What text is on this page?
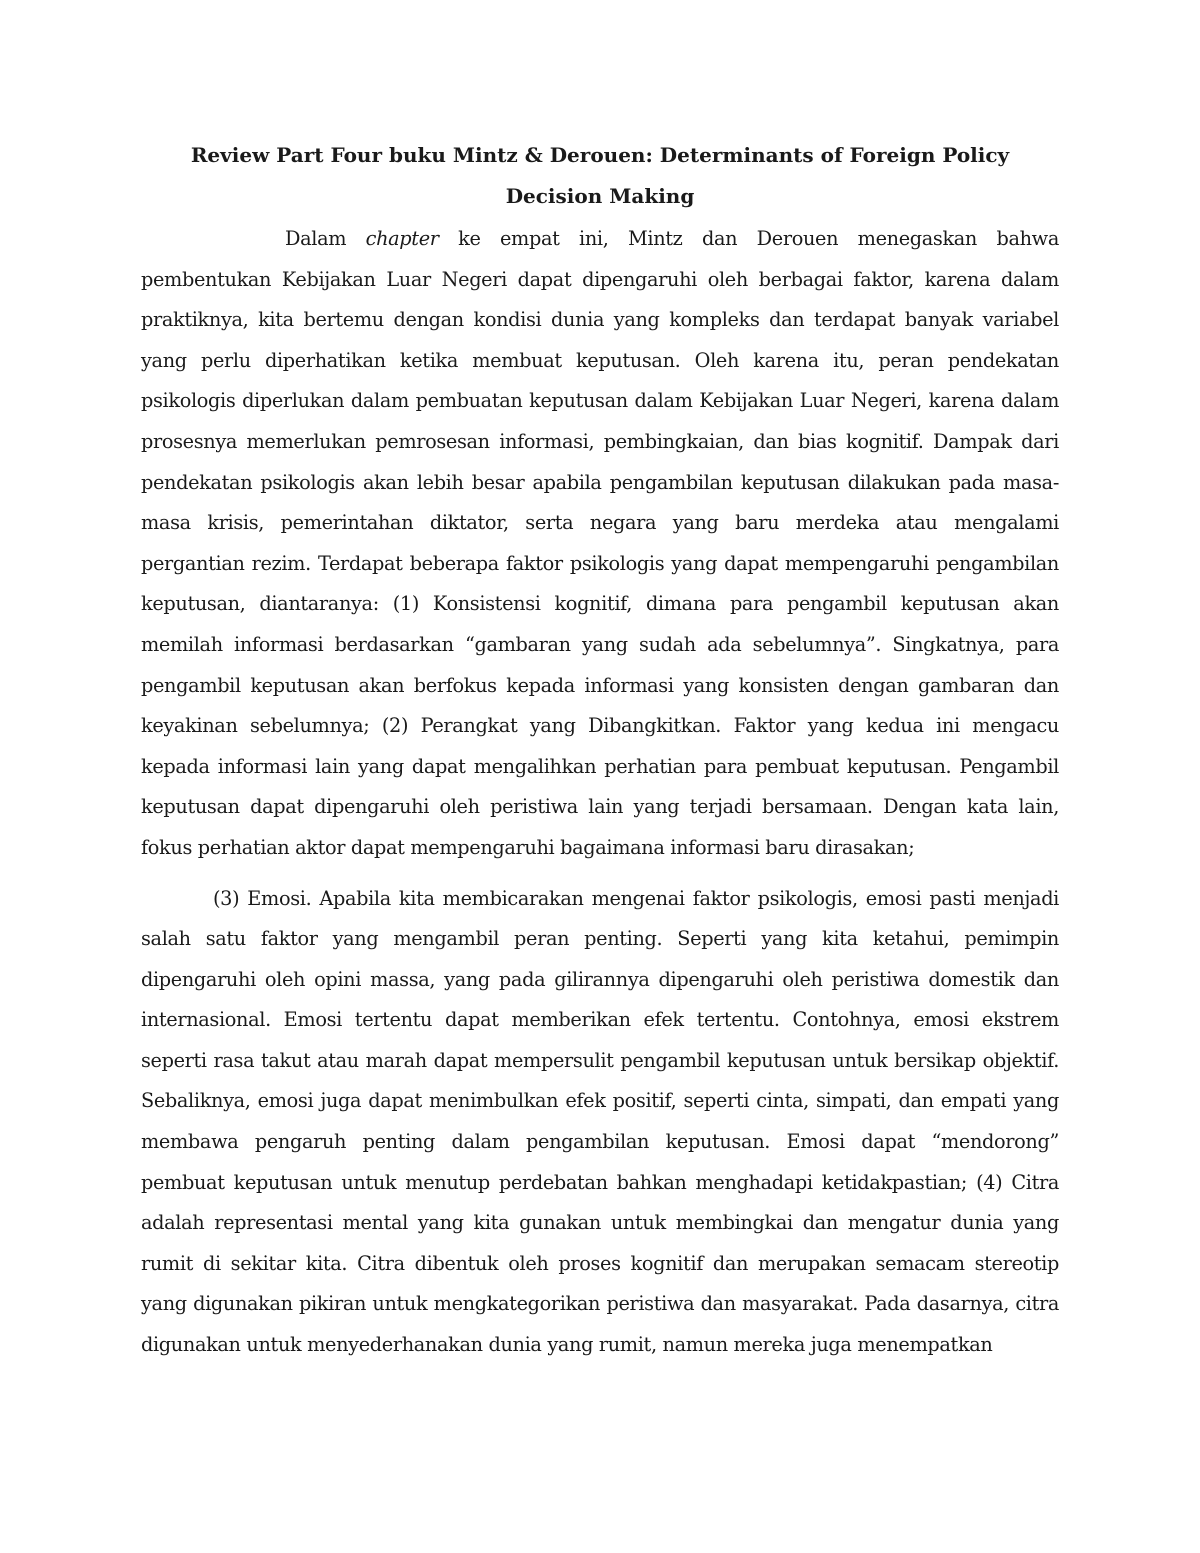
Review Part Four buku Mintz & Derouen: Determinants of Foreign Policy Decision Making

Dalam chapter ke empat ini, Mintz dan Derouen menegaskan bahwa pembentukan Kebijakan Luar Negeri dapat dipengaruhi oleh berbagai faktor, karena dalam praktiknya, kita bertemu dengan kondisi dunia yang kompleks dan terdapat banyak variabel yang perlu diperhatikan ketika membuat keputusan. Oleh karena itu, peran pendekatan psikologis diperlukan dalam pembuatan keputusan dalam Kebijakan Luar Negeri, karena dalam prosesnya memerlukan pemrosesan informasi, pembingkaian, dan bias kognitif. Dampak dari pendekatan psikologis akan lebih besar apabila pengambilan keputusan dilakukan pada masa-masa krisis, pemerintahan diktator, serta negara yang baru merdeka atau mengalami pergantian rezim. Terdapat beberapa faktor psikologis yang dapat mempengaruhi pengambilan keputusan, diantaranya: (1) Konsistensi kognitif, dimana para pengambil keputusan akan memilah informasi berdasarkan “gambaran yang sudah ada sebelumnya”. Singkatnya, para pengambil keputusan akan berfokus kepada informasi yang konsisten dengan gambaran dan keyakinan sebelumnya; (2) Perangkat yang Dibangkitkan. Faktor yang kedua ini mengacu kepada informasi lain yang dapat mengalihkan perhatian para pembuat keputusan. Pengambil keputusan dapat dipengaruhi oleh peristiwa lain yang terjadi bersamaan. Dengan kata lain, fokus perhatian aktor dapat mempengaruhi bagaimana informasi baru dirasakan;

(3) Emosi. Apabila kita membicarakan mengenai faktor psikologis, emosi pasti menjadi salah satu faktor yang mengambil peran penting. Seperti yang kita ketahui, pemimpin dipengaruhi oleh opini massa, yang pada gilirannya dipengaruhi oleh peristiwa domestik dan internasional. Emosi tertentu dapat memberikan efek tertentu. Contohnya, emosi ekstrem seperti rasa takut atau marah dapat mempersulit pengambil keputusan untuk bersikap objektif. Sebaliknya, emosi juga dapat menimbulkan efek positif, seperti cinta, simpati, dan empati yang membawa pengaruh penting dalam pengambilan keputusan. Emosi dapat “mendorong” pembuat keputusan untuk menutup perdebatan bahkan menghadapi ketidakpastian; (4) Citra adalah representasi mental yang kita gunakan untuk membingkai dan mengatur dunia yang rumit di sekitar kita. Citra dibentuk oleh proses kognitif dan merupakan semacam stereotip yang digunakan pikiran untuk mengkategorikan peristiwa dan masyarakat. Pada dasarnya, citra digunakan untuk menyederhanakan dunia yang rumit, namun mereka juga menempatkan
